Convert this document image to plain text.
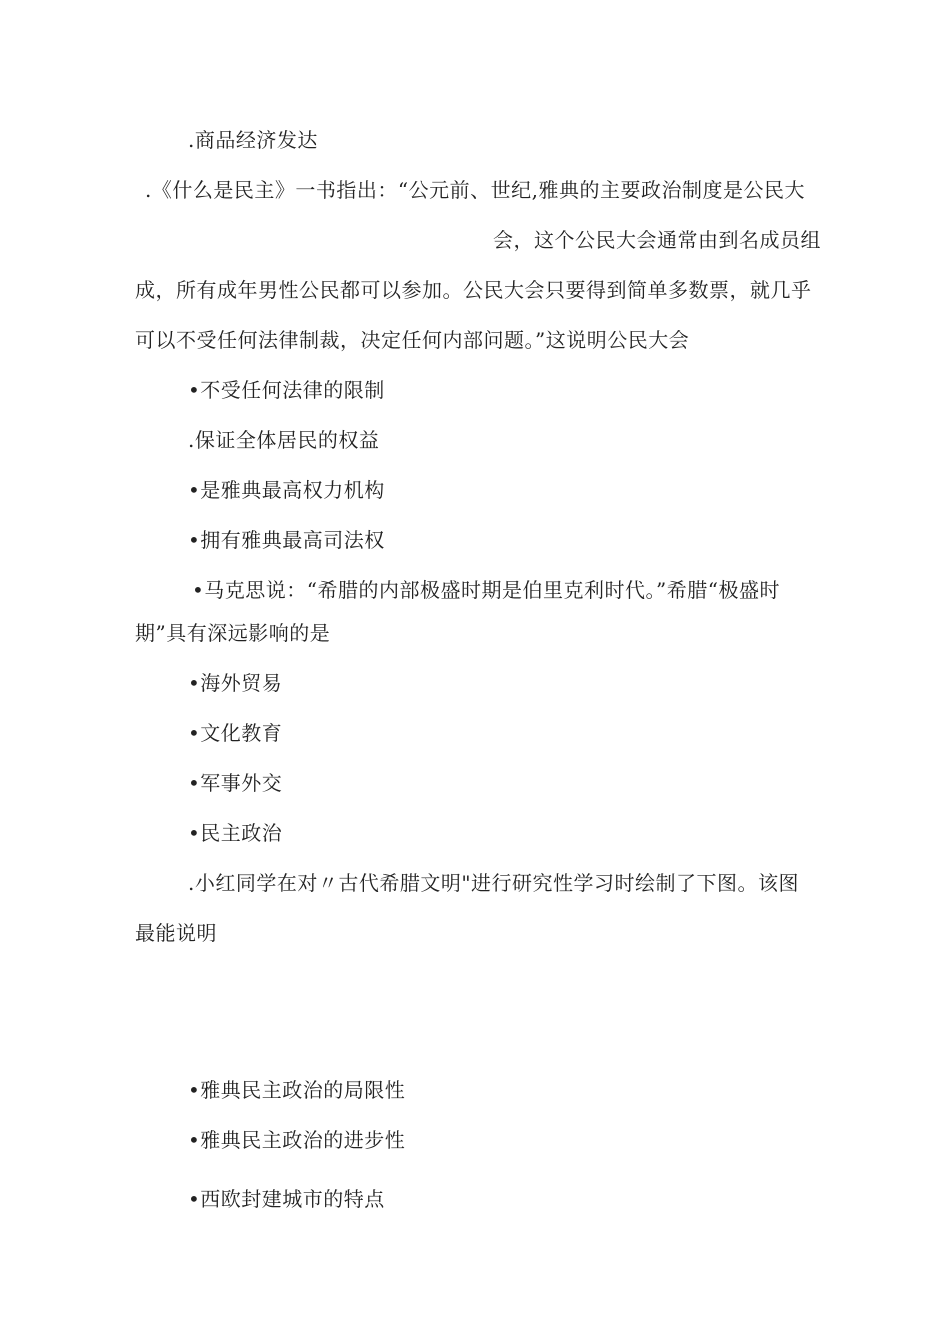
.商品经济发达
.《什么是民主》一书指出：“公元前、世纪,雅典的主要政治制度是公民大
会，这个公民大会通常由到名成员组
成，所有成年男性公民都可以参加。公民大会只要得到简单多数票，就几乎
可以不受任何法律制裁，决定任何内部问题。”这说明公民大会
•不受任何法律的限制
.保证全体居民的权益
•是雅典最高权力机构
•拥有雅典最高司法权
•马克思说：“希腊的内部极盛时期是伯里克利时代。”希腊“极盛时
期”具有深远影响的是
•海外贸易
•文化教育
•军事外交
•民主政治
.小红同学在对〃古代希腊文明"进行研究性学习时绘制了下图。该图
最能说明
•雅典民主政治的局限性
•雅典民主政治的进步性
•西欧封建城市的特点
